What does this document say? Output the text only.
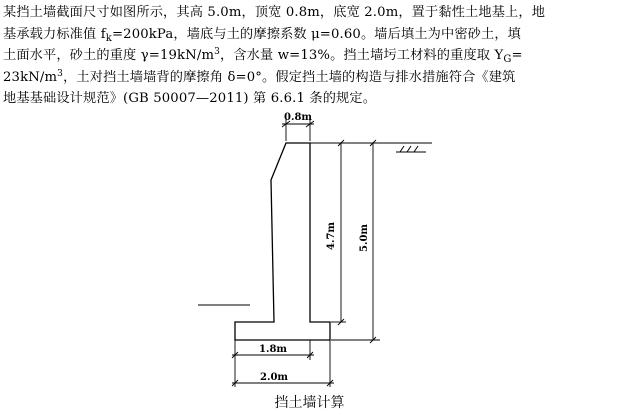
某挡土墙截面尺寸如图所示，其高 5.0m，顶宽 0.8m，底宽 2.0m，置于黏性土地基上，地

基承载力标准值 $f_k=200kPa$，墙底与土的摩擦系数 μ=0.60。墙后填土为中密砂土，填

土面水平，砂土的重度 $\gamma=19kN/m^3$，含水量 w=13%。挡土墙圬工材料的重度取 $Y_G=$

$23kN/m^3$，土对挡土墙墙背的摩擦角 δ=0°。假定挡土墙的构造与排水措施符合《建筑

地基基础设计规范》(GB 50007—2011) 第 6.6.1 条的规定。

0.8m
4.7m 5.0m
1.8m
2.0m
挡土墙计算
